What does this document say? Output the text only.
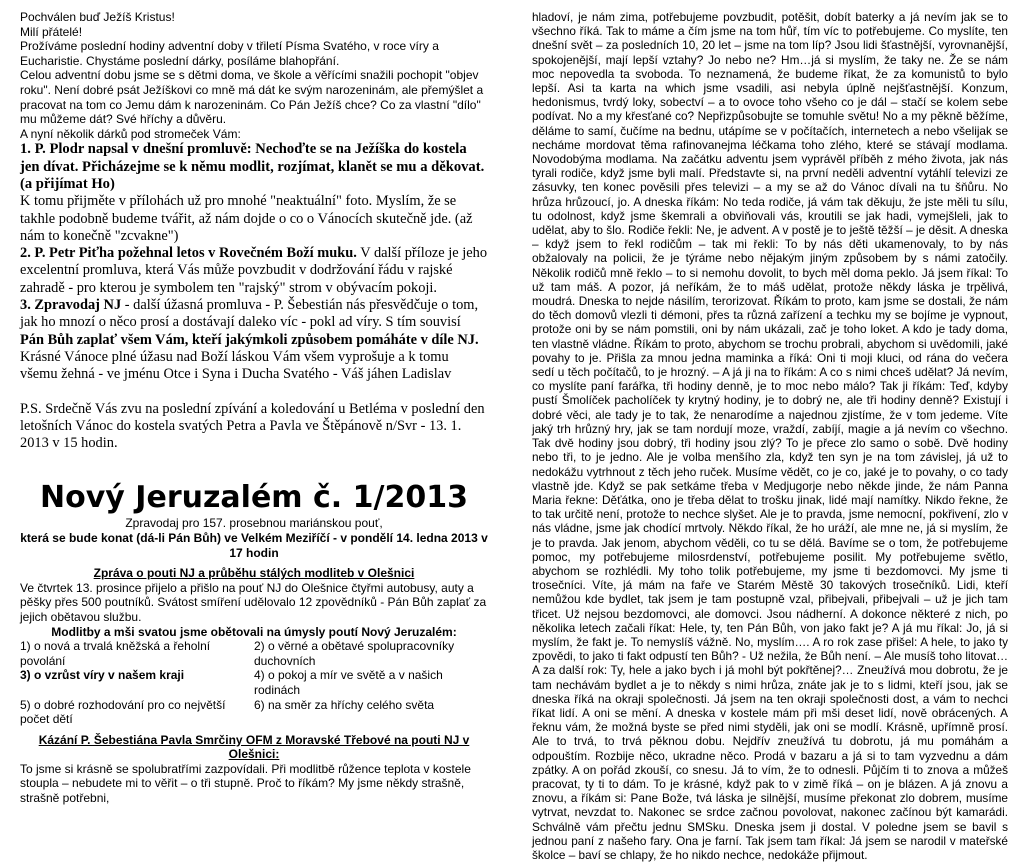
Pochválen buď Ježíš Kristus!

Milí přátelé!

Prožíváme poslední hodiny adventní doby v třiletí Písma Svatého, v roce víry a Eucharistie. Chystáme poslední dárky, posíláme blahopřání.

Celou adventní dobu jsme se s dětmi doma, ve škole a věřícími snažili pochopit "objev roku". Není dobré psát Ježíškovi co mně má dát ke svým narozeninám, ale přemýšlet a pracovat na tom co Jemu dám k narozeninám. Co Pán Ježíš chce? Co za vlastní "dílo" mu můžeme dát? Své hříchy a důvěru.

A nyní několik dárků pod stromeček Vám:

1. P. Plodr napsal v dnešní promluvě: Nechoďte se na Ježíška do kostela jen dívat. Přicházejme se k němu modlit, rozjímat, klanět se mu a děkovat. (a přijímat Ho)

K tomu přijměte v přílohách už pro mnohé "neaktuální" foto. Myslím, že se takhle podobně budeme tvářit, až nám dojde o co o Vánocích skutečně jde. (až nám to konečně "zcvakne")

2. P. Petr Piťha požehnal letos v Rovečném Boží muku. V další příloze je jeho excelentní promluva, která Vás může povzbudit v dodržování řádu v rajské zahradě - pro kterou je symbolem ten "rajský" strom v obývacím pokoji.

3. Zpravodaj NJ - další úžasná promluva - P. Šebestián nás přesvědčuje o tom, jak ho mnozí o něco prosí a dostávají daleko víc - pokl ad víry. S tím souvisí Pán Bůh zaplať všem Vám, kteří jakýmkoli způsobem pomáháte v díle NJ.

Krásné Vánoce plné úžasu nad Boží láskou Vám všem vyprošuje a k tomu všemu žehná - ve jménu Otce i Syna i Ducha Svatého - Váš jáhen Ladislav

P.S. Srdečně Vás zvu na poslední zpívání a koledování u Betléma v poslední den letošních Vánoc do kostela svatých Petra a Pavla ve Štěpánově n/Svr - 13. 1. 2013 v 15 hodin.

Nový Jeruzalém č. 1/2013

Zpravodaj pro 157. prosebnou mariánskou pouť,

která se bude konat (dá-li Pán Bůh) ve Velkém Meziříčí - v pondělí 14. ledna 2013 v 17 hodin

Zpráva o pouti NJ a průběhu stálých modliteb v Olešnici

Ve čtvrtek 13. prosince přijelo a přišlo na pouť NJ do Olešnice čtyřmi autobusy, auty a pěšky přes 500 poutníků. Svátost smíření udělovalo 12 zpovědníků - Pán Bůh zaplať za jejich obětavou službu.

Modlitby a mši svatou jsme obětovali na úmysly poutí Nový Jeruzalém:

1) o nová a trvalá kněžská a řeholní povolání
2) o věrné a obětavé spolupracovníky duchovních
3) o vzrůst víry v našem kraji	4) o pokoj a mír ve světě a v našich rodinách
5) o dobré rozhodování pro co největší počet dětí
6) na směr za hříchy celého světa

Kázání P. Šebestiána Pavla Smrčiny OFM z Moravské Třebové na pouti NJ v Olešnici:

To jsme si krásně se spolubratřími zazpovídali. Při modlitbě růžence teplota v kostele stoupla – nebudete mi to věřit – o tři stupně. Proč to říkám? My jsme někdy strašně, strašně potřebni,

hladoví, je nám zima, potřebujeme povzbudit, potěšit, dobít baterky a já nevím jak se to všechno říká. Tak to máme a čím jsme na tom hůř, tím víc to potřebujeme. Co myslíte, ten dnešní svět – za posledních 10, 20 let – jsme na tom líp? Jsou lidi šťastnější, vyrovnanější, spokojenější, mají lepší vztahy? Jo nebo ne? Hm…já si myslím, že taky ne. Že se nám moc nepovedla ta svoboda. To neznamená, že budeme říkat, že za komunistů to bylo lepší. Asi ta karta na which jsme vsadili, asi nebyla úplně nejšťastnější. Konzum, hedonismus, tvrdý loky, sobectví – a to ovoce toho všeho co je dál – stačí se kolem sebe podívat. No a my křesťané co? Nepřizpůsobujte se tomuhle světu! No a my pěkně běžíme, děláme to samí, čučíme na bednu, utápíme se v počítačích, internetech a nebo všelijak se necháme mordovat těma rafinovanejma léčkama toho zlého, které se stávají modlama. Novodobýma modlama. Na začátku adventu jsem vyprávěl příběh z mého života, jak nás tyrali rodiče, když jsme byli malí. Představte si, na první neděli adventní vytáhlí televizi ze zásuvky, ten konec pověsili přes televizi – a my se až do Vánoc dívali na tu šňůru. No hrůza hrůzoucí, jo. A dneska říkám: No teda rodiče, já vám tak děkuju, že jste měli tu sílu, tu odolnost, když jsme škemrali a obviňovali vás, kroutili se jak hadi, vymejšleli, jak to udělat, aby to šlo. Rodiče řekli: Ne, je advent. A v postě je to ještě těžší – je děsit. A dneska – když jsem to řekl rodičům – tak mi řekli: To by nás děti ukamenovaly, to by nás obžalovaly na policii, že je týráme nebo nějakým jiným způsobem by s námi zatočily. Několik rodičů mně řeklo – to si nemohu dovolit, to bych měl doma peklo. Já jsem říkal: To už tam máš. A pozor, já neříkám, že to máš udělat, protože někdy láska je trpělivá, moudrá. Dneska to nejde násilím, terorizovat. Říkám to proto, kam jsme se dostali, že nám do těch domovů vlezli ti démoni, přes ta různá zařízení a techku my se bojíme je vypnout, protože oni by se nám pomstili, oni by nám ukázali, zač je toho loket. A kdo je tady doma, ten vlastně vládne. Říkám to proto, abychom se trochu probrali, abychom si uvědomili, jaké povahy to je. Přišla za mnou jedna maminka a říká: Oni ti moji kluci, od rána do večera sedí u těch počítačů, to je hrozný. – A já ji na to říkám: A co s nimi chceš udělat? Já nevím, co myslíte paní farářka, tři hodiny denně, je to moc nebo málo? Tak ji říkám: Teď, kdyby pustí Šmolíček pacholíček ty krytný hodiny, je to dobrý ne, ale tři hodiny denně? Existují i dobré věci, ale tady je to tak, že nenarodíme a najednou zjistíme, že v tom jedeme. Víte jaký trh hrůzný hry, jak se tam nordují moze, vraždí, zabíjí, magie a já nevím co všechno. Tak dvě hodiny jsou dobrý, tři hodiny jsou zlý? To je přece zlo samo o sobě. Dvě hodiny nebo tři, to je jedno. Ale je volba menšího zla, když ten syn je na tom závislej, já už to nedokážu vytrhnout z těch jeho ruček. Musíme vědět, co je co, jaké je to povahy, o co tady vlastně jde. Když se pak setkáme třeba v Medjugorje nebo někde jinde, že nám Panna Maria řekne: Děťátka, ono je třeba dělat to trošku jinak, lidé mají namítky. Nikdo řekne, že to tak určitě není, protože to nechce slyšet. Ale je to pravda, jsme nemocní, pokřivení, zlo v nás vládne, jsme jak chodící mrtvoly. Někdo říkal, že ho uráží, ale mne ne, já si myslím, že je to pravda. Jak jenom, abychom věděli, co tu se dělá. Bavíme se o tom, že potřebujeme pomoc, my potřebujeme milosrdenství, potřebujeme posilit. My potřebujeme světlo, abychom se rozhlédli. My toho tolik potřebujeme, my jsme ti bezdomovci. My jsme ti trosečníci. Víte, já mám na faře ve Starém Městě 30 takových trosečníků. Lidi, kteří nemůžou kde bydlet, tak jsem je tam postupně vzal, přibejvali, přibejvali – už je jich tam třicet. Už nejsou bezdomovci, ale domovci. Jsou nádherní. A dokonce některé z nich, po několika letech začali říkat: Hele, ty, ten Pán Bůh, von jako fakt je? A já mu říkal: Jo, já si myslím, že fakt je. To nemyslíš vážně. No, myslím…. A ro rok zase přišel: A hele, to jako ty zpovědi, to jako ti fakt odpustí ten Bůh? - Už nežila, že Bůh není. – Ale musíš toho litovat… A za další rok: Ty, hele a jako bych i já mohl být pokřtěnej?… Zneužívá mou dobrotu, že je tam nechávám bydlet a je to někdy s nimi hrůza, znáte jak je to s lidmi, kteří jsou, jak se dneska říká na okraji společnosti. Já jsem na ten okraji společnosti dost, a vám to nechci říkat lidí. A oni se mění. A dneska v kostele mám při mši deset lidí, nově obrácených. A řeknu vám, že možná byste se před nimi styděli, jak oni se modlí. Krásně, upřímně prosí. Ale to trvá, to trvá pěknou dobu. Nejdřív zneužívá tu dobrotu, já mu pomáhám a odpouštím. Rozbije něco, ukradne něco. Prodá v bazaru a já si to tam vyzvednu a dám zpátky. A on pořád zkouší, co snesu. Já to vím, že to odnesli. Půjčím ti to znova a můžeš pracovat, ty ti to dám. To je krásné, když pak to v zimě říká – on je blázen. A já znovu a znovu, a říkám si: Pane Bože, tvá láska je silnější, musíme překonat zlo dobrem, musíme vytrvat, nevzdat to. Nakonec se srdce začnou povolovat, nakonec začínou být kamarádi. Schválně vám přečtu jednu SMSku. Dneska jsem ji dostal. V poledne jsem se bavil s jednou paní z našeho fary. Ona je farní. Tak jsem tam říkal: Já jsem se narodil v mateřské školce – baví se chlapy, že ho nikdo nechce, nedokáže přijmout.
